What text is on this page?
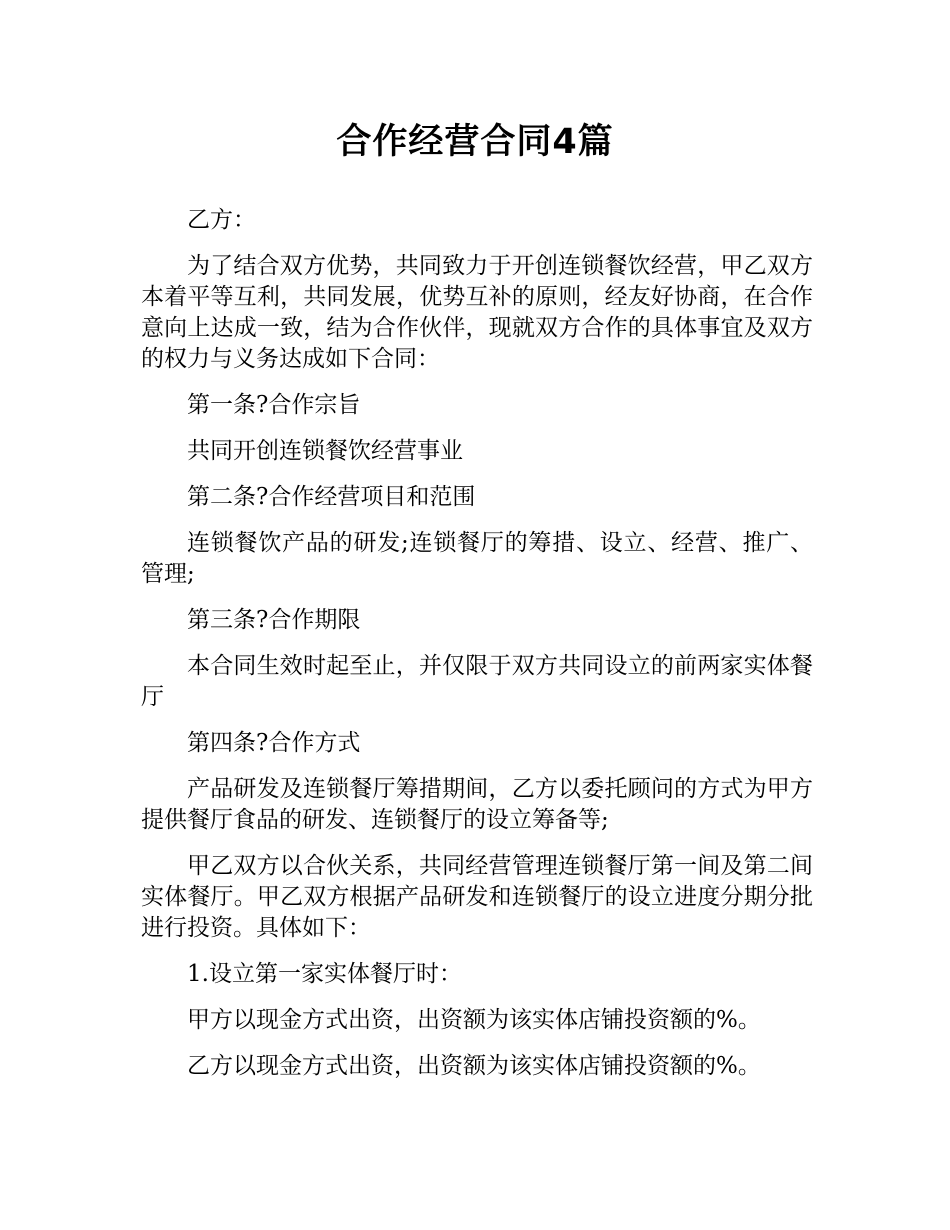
合作经营合同4篇

乙方：

为了结合双方优势，共同致力于开创连锁餐饮经营，甲乙双方本着平等互利，共同发展，优势互补的原则，经友好协商，在合作意向上达成一致，结为合作伙伴，现就双方合作的具体事宜及双方的权力与义务达成如下合同：

第一条?合作宗旨

共同开创连锁餐饮经营事业

第二条?合作经营项目和范围

连锁餐饮产品的研发;连锁餐厅的筹措、设立、经营、推广、管理;

第三条?合作期限

本合同生效时起至止，并仅限于双方共同设立的前两家实体餐厅

第四条?合作方式

产品研发及连锁餐厅筹措期间，乙方以委托顾问的方式为甲方提供餐厅食品的研发、连锁餐厅的设立筹备等;

甲乙双方以合伙关系，共同经营管理连锁餐厅第一间及第二间实体餐厅。甲乙双方根据产品研发和连锁餐厅的设立进度分期分批进行投资。具体如下：

1.设立第一家实体餐厅时：

甲方以现金方式出资，出资额为该实体店铺投资额的%。

乙方以现金方式出资，出资额为该实体店铺投资额的%。
